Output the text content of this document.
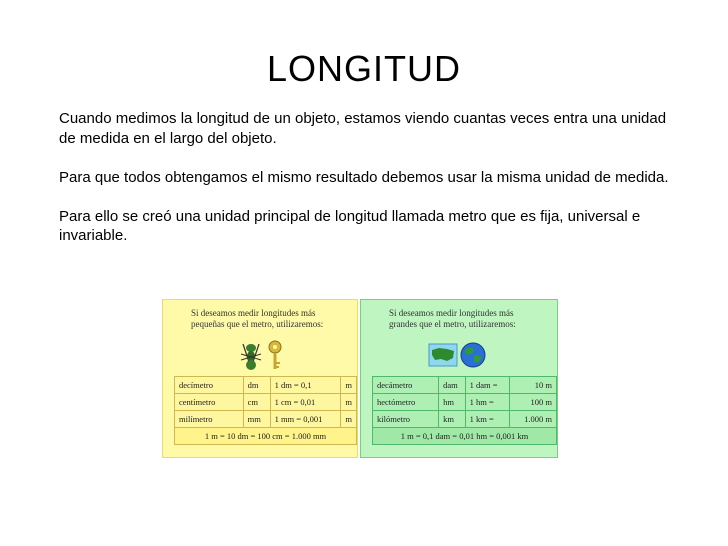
LONGITUD

Cuando medimos la longitud de un objeto, estamos viendo cuantas veces entra una unidad de medida en el largo del objeto.

Para que todos obtengamos el mismo resultado debemos usar la misma unidad de medida.

Para ello se creó una unidad principal de longitud llamada metro que es fija, universal e invariable.

Si deseamos medir longitudes más pequeñas que el metro, utilizaremos:
decímetro	dm	1 dm = 0,1	m
centímetro	cm	1 cm = 0,01	m
milímetro	mm	1 mm = 0,001	m
1 m = 10 dm = 100 cm = 1.000 mm			
Si deseamos medir longitudes más grandes que el metro, utilizaremos:
decámetro	dam	1 dam =	10 m
hectómetro	hm	1 hm =	100 m
kilómetro	km	1 km =	1.000 m
1 m = 0,1 dam = 0,01 hm = 0,001 km			
